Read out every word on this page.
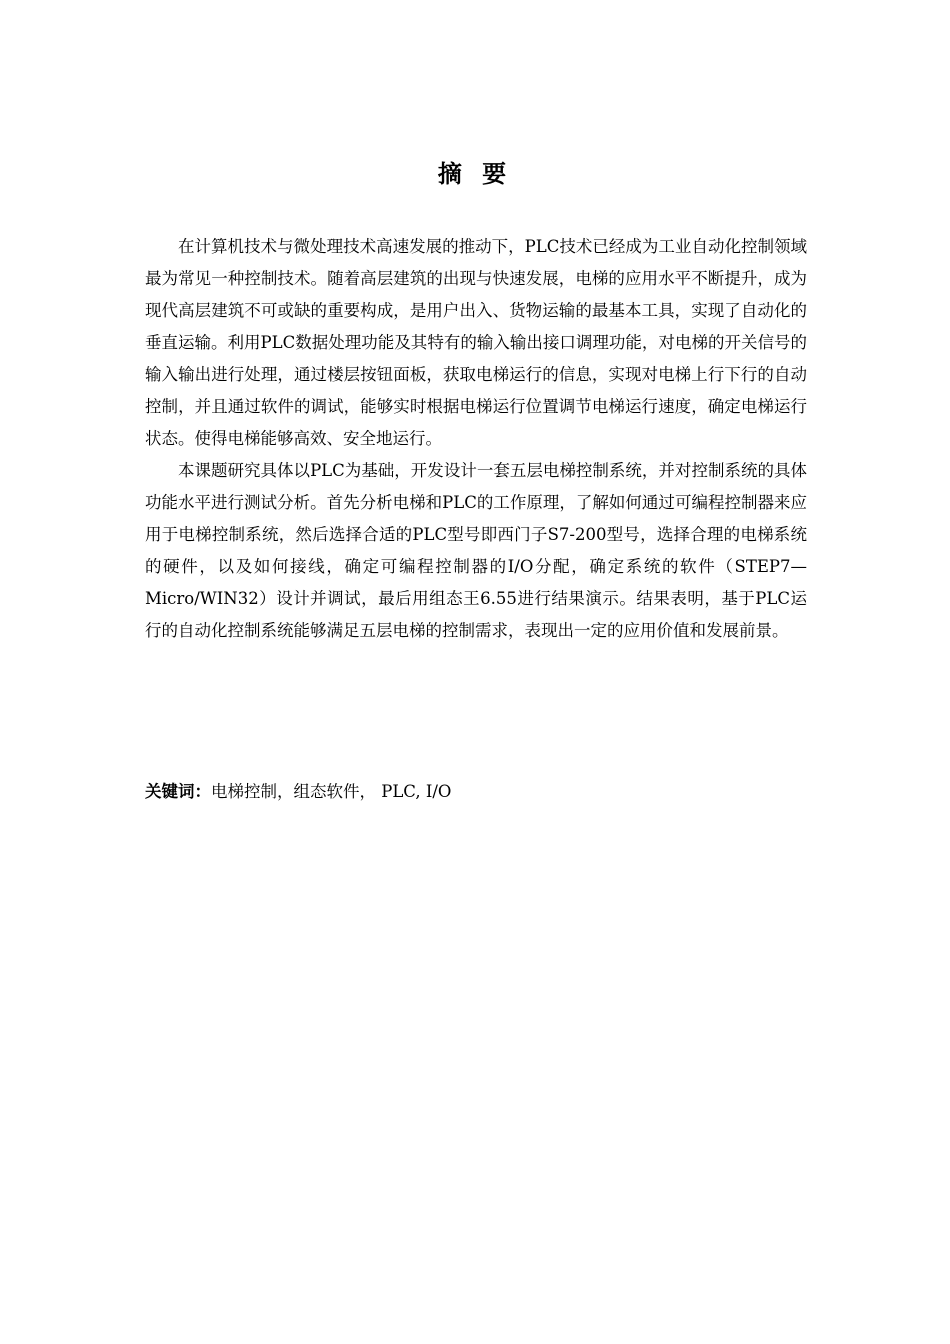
摘 要

在计算机技术与微处理技术高速发展的推动下，PLC技术已经成为工业自动化控制领域最为常见一种控制技术。随着高层建筑的出现与快速发展，电梯的应用水平不断提升，成为现代高层建筑不可或缺的重要构成，是用户出入、货物运输的最基本工具，实现了自动化的垂直运输。利用PLC数据处理功能及其特有的输入输出接口调理功能，对电梯的开关信号的输入输出进行处理，通过楼层按钮面板，获取电梯运行的信息，实现对电梯上行下行的自动控制，并且通过软件的调试，能够实时根据电梯运行位置调节电梯运行速度，确定电梯运行状态。使得电梯能够高效、安全地运行。

本课题研究具体以PLC为基础，开发设计一套五层电梯控制系统，并对控制系统的具体功能水平进行测试分析。首先分析电梯和PLC的工作原理，了解如何通过可编程控制器来应用于电梯控制系统，然后选择合适的PLC型号即西门子S7-200型号，选择合理的电梯系统的硬件，以及如何接线，确定可编程控制器的I/O分配，确定系统的软件（STEP7—Micro/WIN32）设计并调试，最后用组态王6.55进行结果演示。结果表明，基于PLC运行的自动化控制系统能够满足五层电梯的控制需求，表现出一定的应用价值和发展前景。

关键词：电梯控制，组态软件， PLC, I/O
